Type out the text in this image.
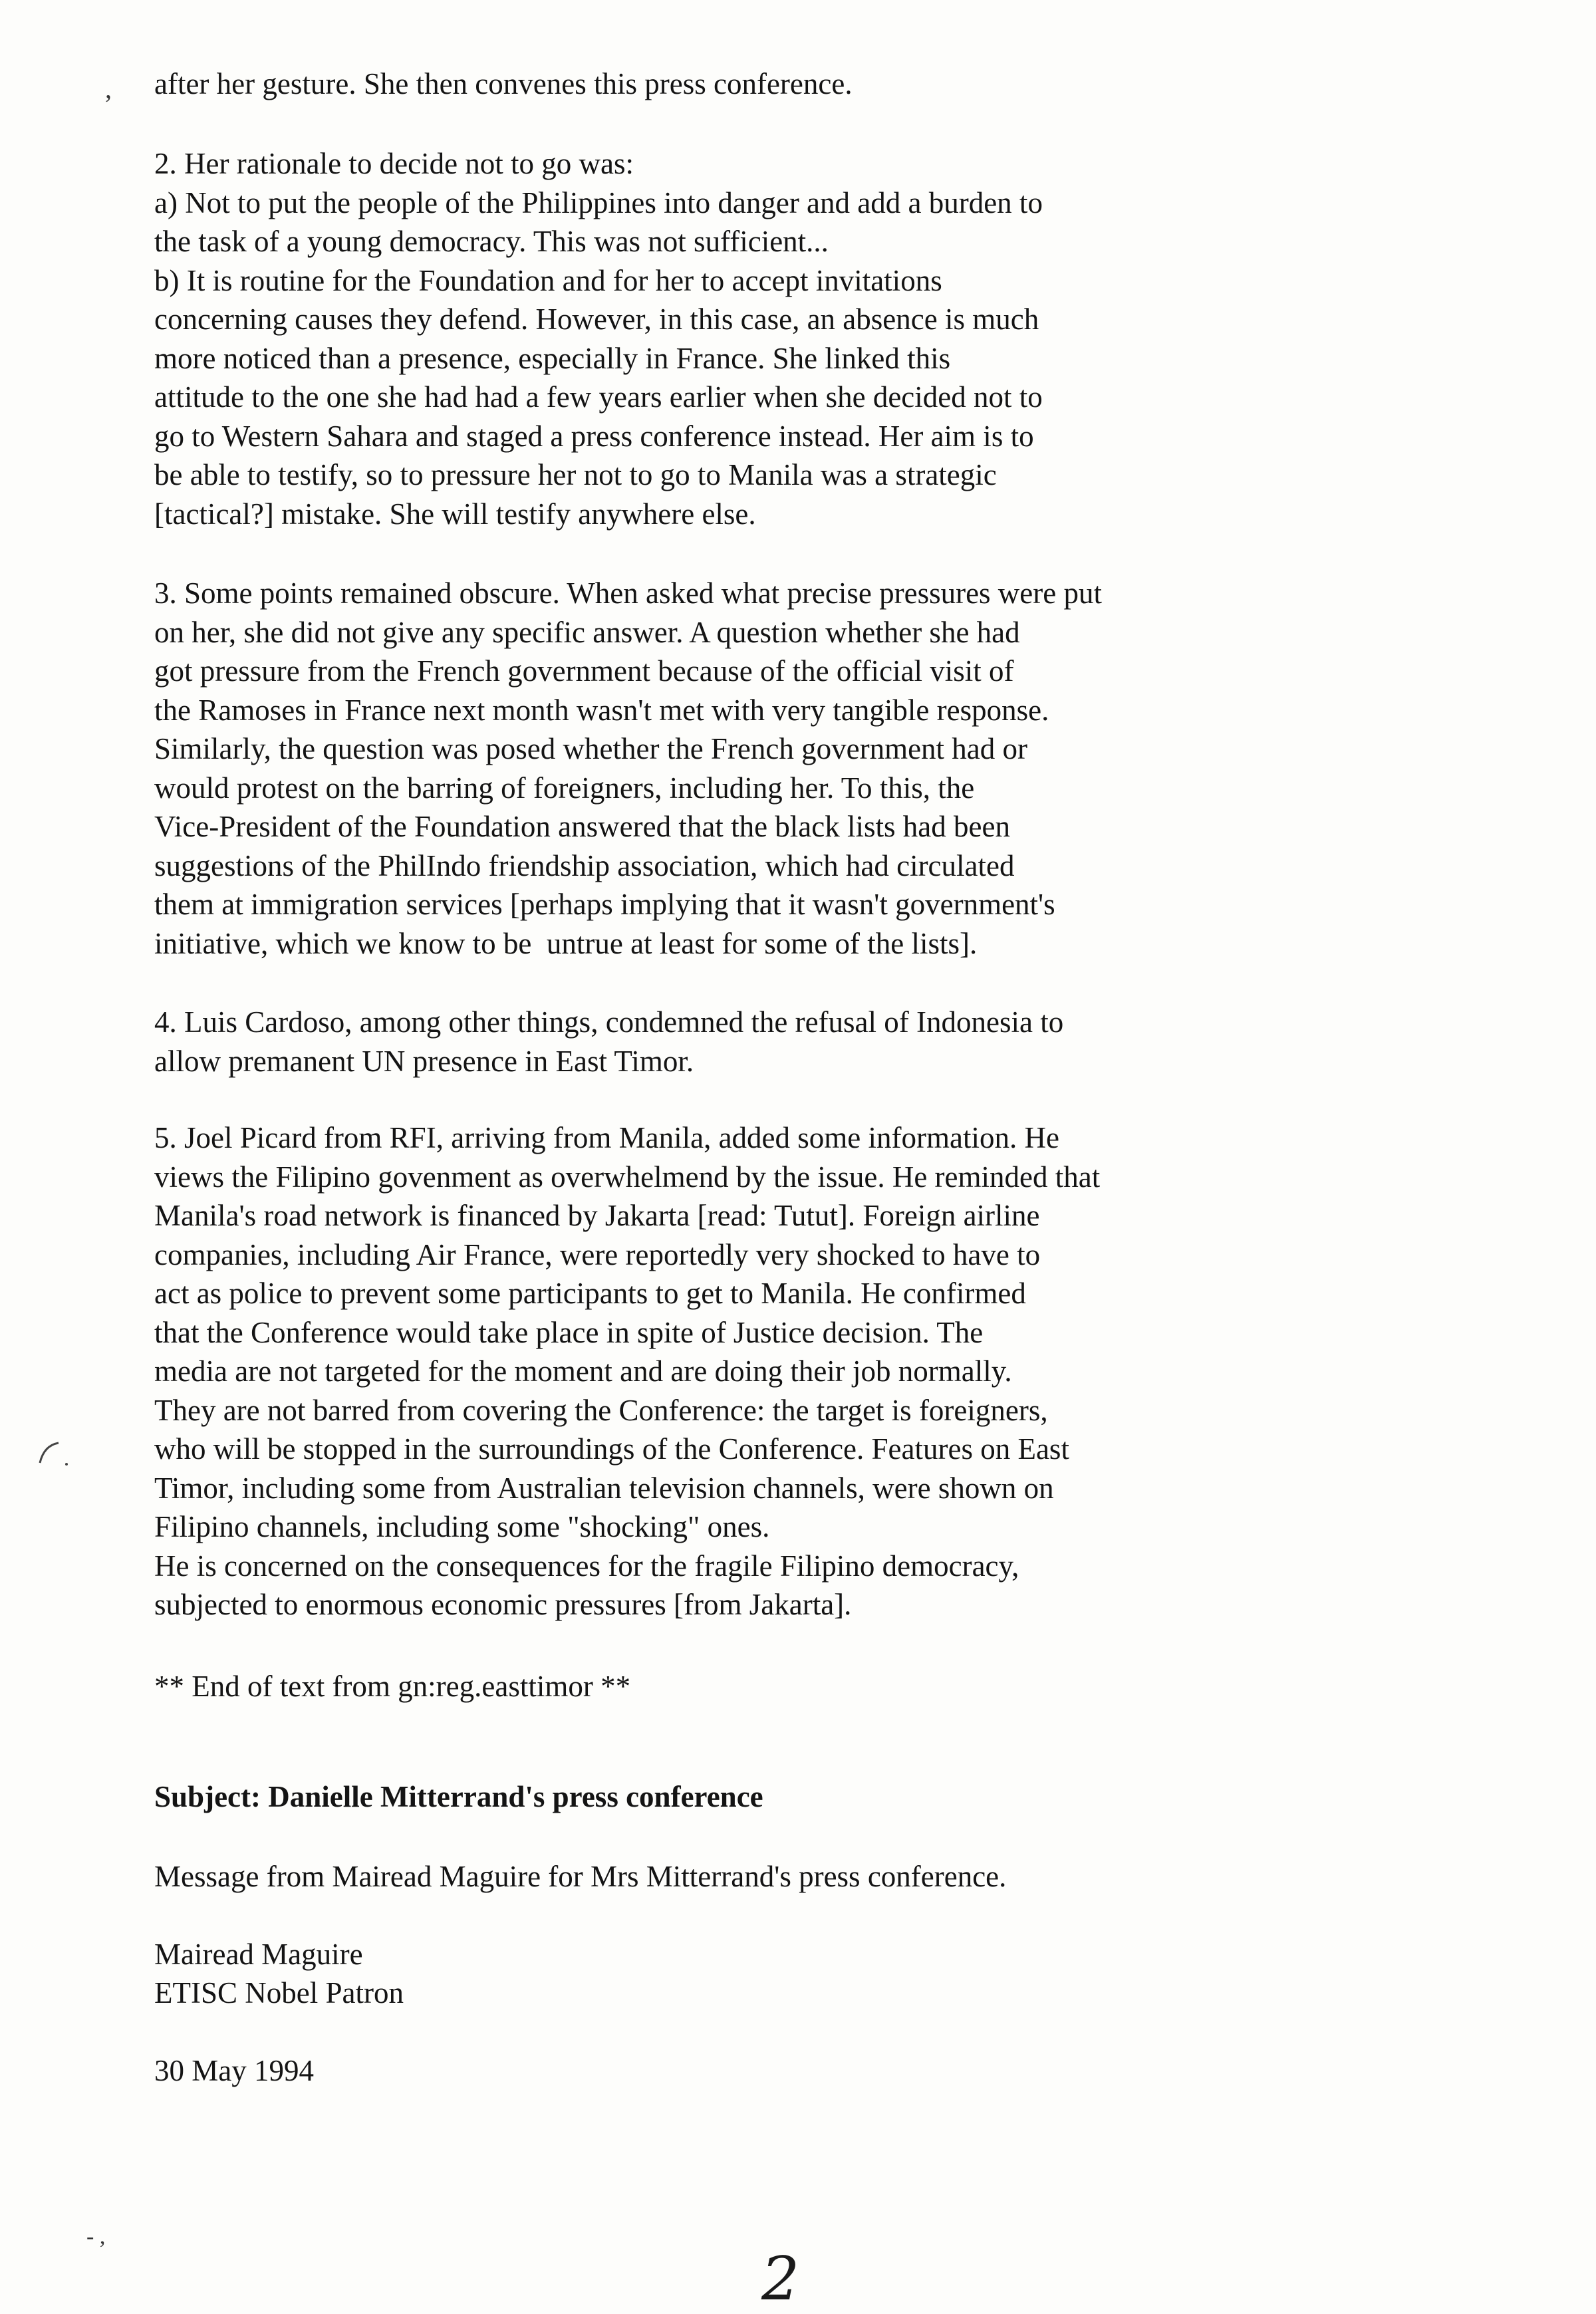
after her gesture. She then convenes this press conference.
2. Her rationale to decide not to go was:
a) Not to put the people of the Philippines into danger and add a burden to
the task of a young democracy. This was not sufficient...
b) It is routine for the Foundation and for her to accept invitations
concerning causes they defend. However, in this case, an absence is much
more noticed than a presence, especially in France. She linked this
attitude to the one she had had a few years earlier when she decided not to
go to Western Sahara and staged a press conference instead. Her aim is to
be able to testify, so to pressure her not to go to Manila was a strategic
[tactical?] mistake. She will testify anywhere else.
3. Some points remained obscure. When asked what precise pressures were put
on her, she did not give any specific answer. A question whether she had
got pressure from the French government because of the official visit of
the Ramoses in France next month wasn't met with very tangible response.
Similarly, the question was posed whether the French government had or
would protest on the barring of foreigners, including her. To this, the
Vice-President of the Foundation answered that the black lists had been
suggestions of the PhilIndo friendship association, which had circulated
them at immigration services [perhaps implying that it wasn't government's
initiative, which we know to be  untrue at least for some of the lists].
4. Luis Cardoso, among other things, condemned the refusal of Indonesia to
allow premanent UN presence in East Timor.
5. Joel Picard from RFI, arriving from Manila, added some information. He
views the Filipino govenment as overwhelmend by the issue. He reminded that
Manila's road network is financed by Jakarta [read: Tutut]. Foreign airline
companies, including Air France, were reportedly very shocked to have to
act as police to prevent some participants to get to Manila. He confirmed
that the Conference would take place in spite of Justice decision. The
media are not targeted for the moment and are doing their job normally.
They are not barred from covering the Conference: the target is foreigners,
who will be stopped in the surroundings of the Conference. Features on East
Timor, including some from Australian television channels, were shown on
Filipino channels, including some "shocking" ones.
He is concerned on the consequences for the fragile Filipino democracy,
subjected to enormous economic pressures [from Jakarta].
** End of text from gn:reg.easttimor **
Subject: Danielle Mitterrand's press conference
Message from Mairead Maguire for Mrs Mitterrand's press conference.
Mairead Maguire
ETISC Nobel Patron
30 May 1994
,
- ,
2
